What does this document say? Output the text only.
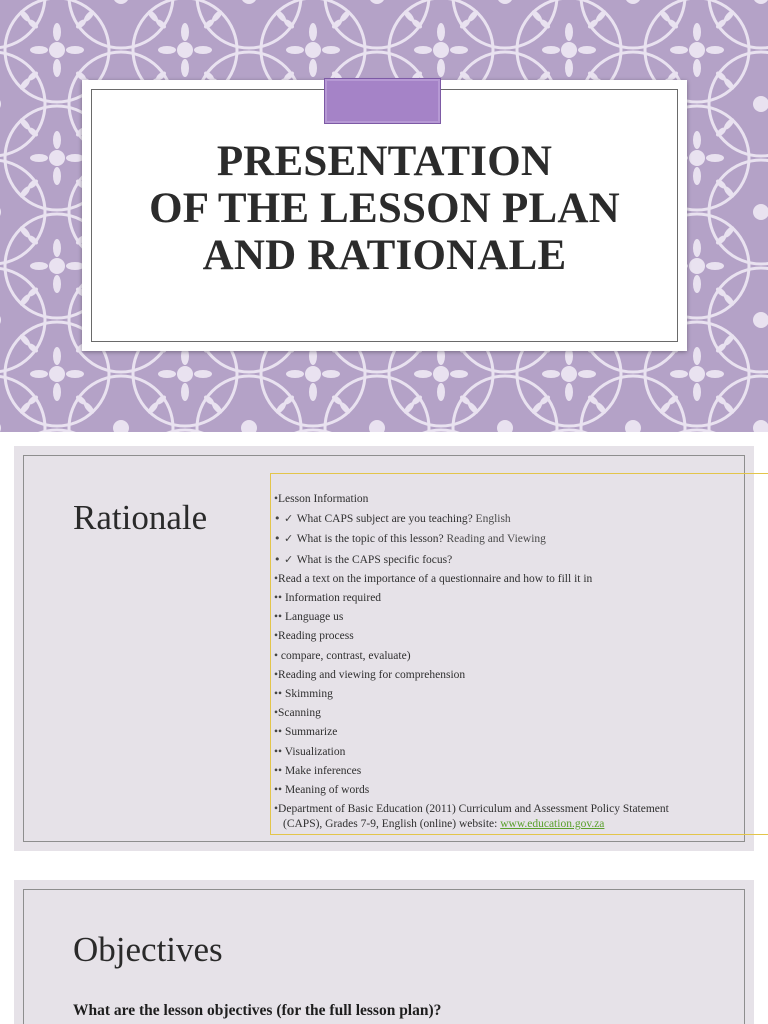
PRESENTATION
OF THE LESSON PLAN
AND RATIONALE
Rationale	•Lesson Information
• ✓ What CAPS subject are you teaching? English
• ✓ What is the topic of this lesson? Reading and Viewing
• ✓ What is the CAPS specific focus?
•Read a text on the importance of a questionnaire and how to fill it in
•• Information required
•• Language us
•Reading process
• compare, contrast, evaluate)
•Reading and viewing for comprehension
•• Skimming
•Scanning
•• Summarize
•• Visualization
•• Make inferences
•• Meaning of words
•Department of Basic Education (2011) Curriculum and Assessment Policy Statement
(CAPS), Grades 7-9, English (online) website: www.education.gov.za
Objectives
What are the lesson objectives (for the full lesson plan)?
